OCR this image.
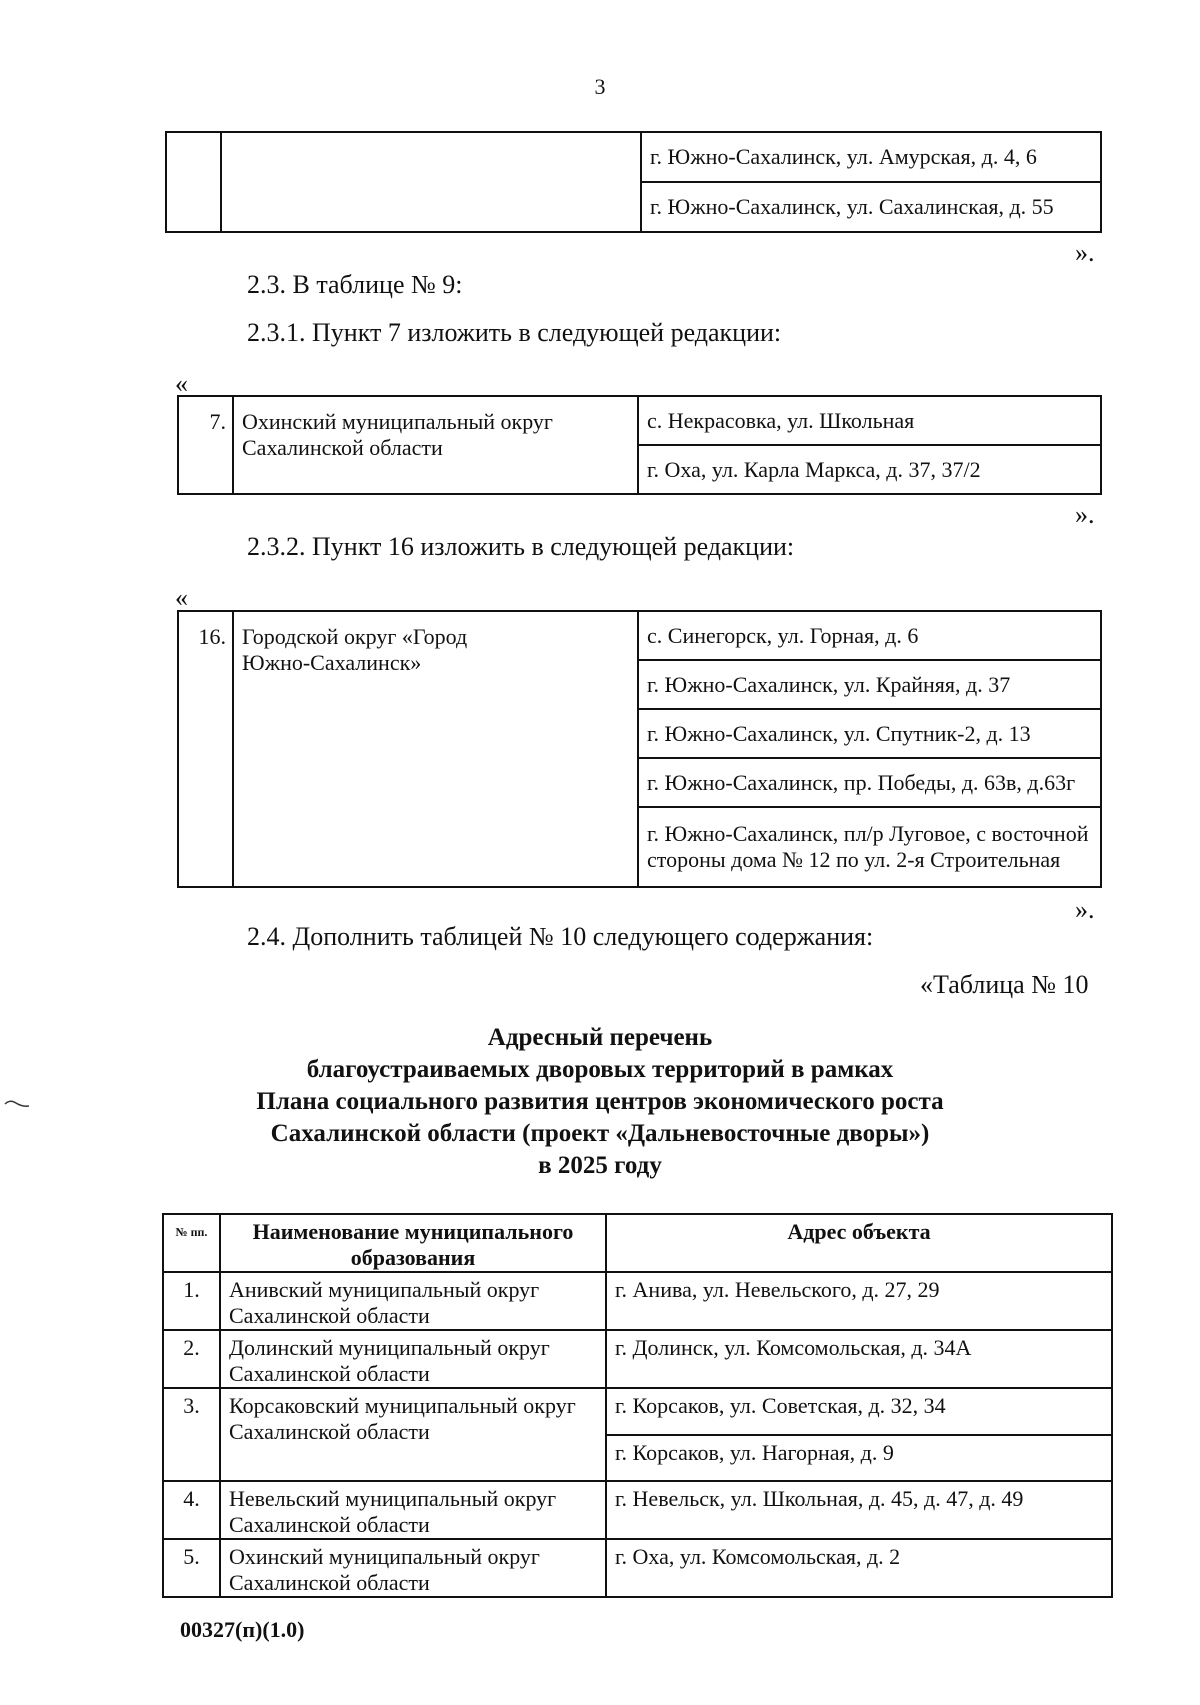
3
		г. Южно-Сахалинск, ул. Амурская, д. 4, 6
г. Южно-Сахалинск, ул. Сахалинская, д. 55
».
2.3. В таблице № 9:
2.3.1. Пункт 7 изложить в следующей редакции:
«
7.	Охинский муниципальный округ Сахалинской области	с. Некрасовка, ул. Школьная
г. Оха, ул. Карла Маркса, д. 37, 37/2
».
2.3.2. Пункт 16 изложить в следующей редакции:
«
16.	Городской округ «Город Южно-Сахалинск»	с. Синегорск, ул. Горная, д. 6
г. Южно-Сахалинск, ул. Крайняя, д. 37
г. Южно-Сахалинск, ул. Спутник-2, д. 13
г. Южно-Сахалинск, пр. Победы, д. 63в, д.63г
г. Южно-Сахалинск, пл/р Луговое, с восточной стороны дома № 12 по ул. 2-я Строительная
».
2.4. Дополнить таблицей № 10 следующего содержания:
«Таблица № 10
Адресный перечень
благоустраиваемых дворовых территорий в рамках
Плана социального развития центров экономического роста
Сахалинской области (проект «Дальневосточные дворы»)
в 2025 году
№ пп.	Наименование муниципального образования	Адрес объекта
1.	Анивский муниципальный округ Сахалинской области	г. Анива, ул. Невельского, д. 27, 29
2.	Долинский муниципальный округ Сахалинской области	г. Долинск, ул. Комсомольская, д. 34А
3.	Корсаковский муниципальный округ Сахалинской области	г. Корсаков, ул. Советская, д. 32, 34
		г. Корсаков, ул. Нагорная, д. 9
4.	Невельский муниципальный округ Сахалинской области	г. Невельск, ул. Школьная, д. 45, д. 47, д. 49
5.	Охинский муниципальный округ Сахалинской области	г. Оха, ул. Комсомольская, д. 2
00327(п)(1.0)
